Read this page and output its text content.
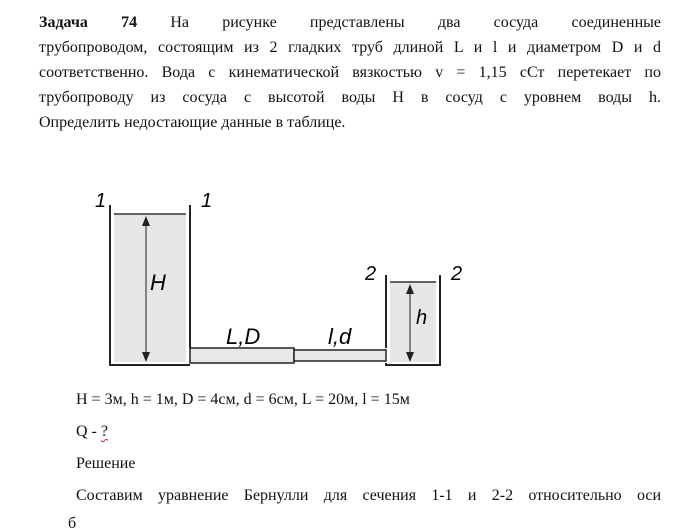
Задача 74 На рисунке представлены два сосуда соединенные
трубопроводом, состоящим из 2 гладких труб длиной L и l и диаметром D и d
соответственно. Вода с кинематической вязкостью v = 1,15 сСт перетекает по
трубопроводу из сосуда с высотой воды H в сосуд с уровнем воды h.
Определить недостающие данные в таблице.
1	1
2	2
H
h
L,D	l,d

H = 3м, h = 1м, D = 4см, d = 6см, L = 20м, l = 15м

Q - ?

Решение

Составим уравнение Бернулли для сечения 1-1 и 2-2 относительно оси

б
